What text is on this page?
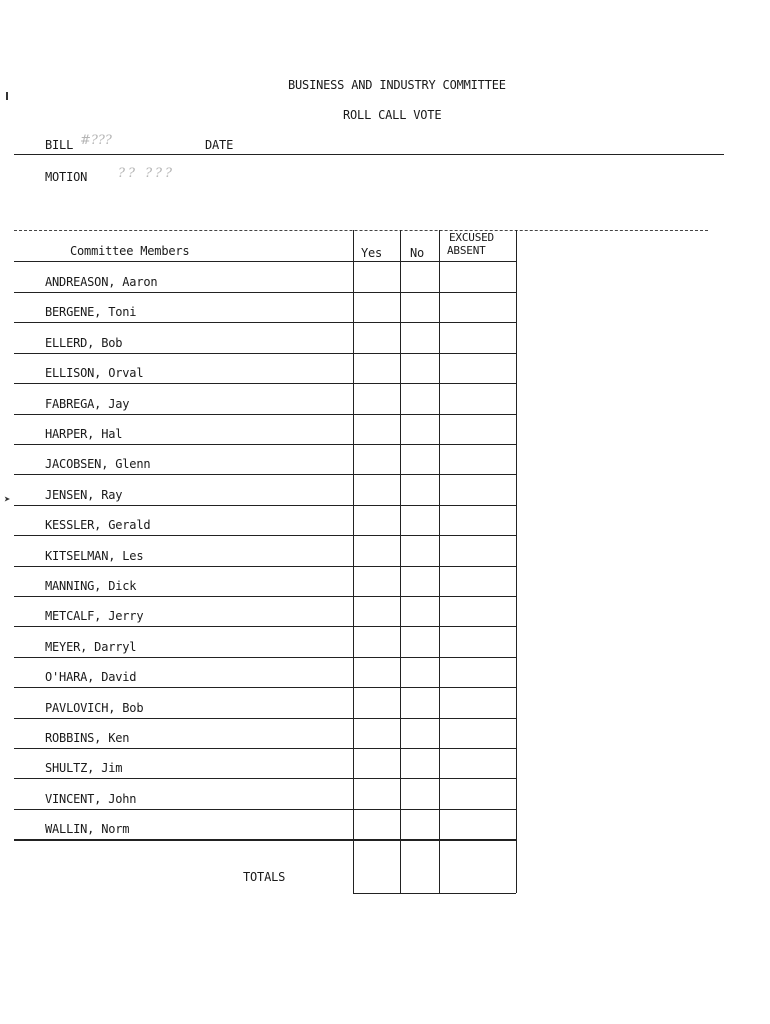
BUSINESS AND INDUSTRY COMMITTEE
ROLL CALL VOTE
BILL #???	DATE
MOTION ?? ???
Committee Members	Yes No
EXCUSED
ABSENT
ANDREASON, Aaron
BERGENE, Toni
ELLERD, Bob
ELLISON, Orval
FABREGA, Jay
HARPER, Hal
JACOBSEN, Glenn
JENSEN, Ray
KESSLER, Gerald
KITSELMAN, Les
MANNING, Dick
METCALF, Jerry
MEYER, Darryl
O'HARA, David
PAVLOVICH, Bob
ROBBINS, Ken
SHULTZ, Jim
VINCENT, John
WALLIN, Norm
TOTALS
➤
